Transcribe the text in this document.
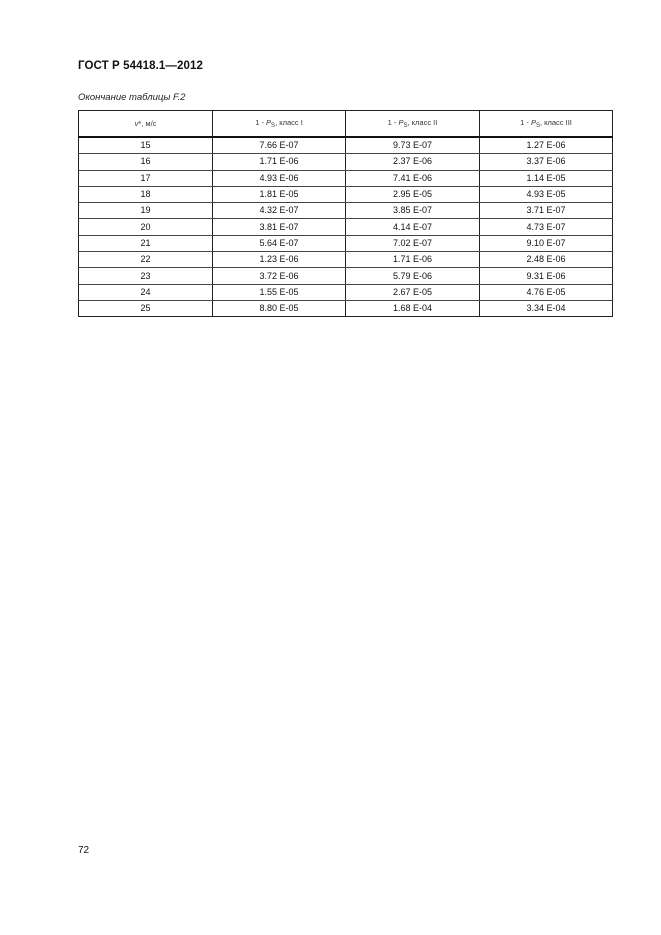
ГОСТ Р 54418.1—2012
Окончание таблицы F.2
v*, м/с	$1 - P_S$, класс I	$1 - P_S$, класс II	$1 - P_S$, класс III
15	7.66 E-07	9.73 E-07	1.27 E-06
16	1.71 E-06	2.37 E-06	3.37 E-06
17	4.93 E-06	7.41 E-06	1.14 E-05
18	1.81 E-05	2.95 E-05	4.93 E-05
19	4.32 E-07	3.85 E-07	3.71 E-07
20	3.81 E-07	4.14 E-07	4.73 E-07
21	5.64 E-07	7.02 E-07	9.10 E-07
22	1.23 E-06	1.71 E-06	2.48 E-06
23	3.72 E-06	5.79 E-06	9.31 E-06
24	1.55 E-05	2.67 E-05	4.76 E-05
25	8.80 E-05	1.68 E-04	3.34 E-04
72
